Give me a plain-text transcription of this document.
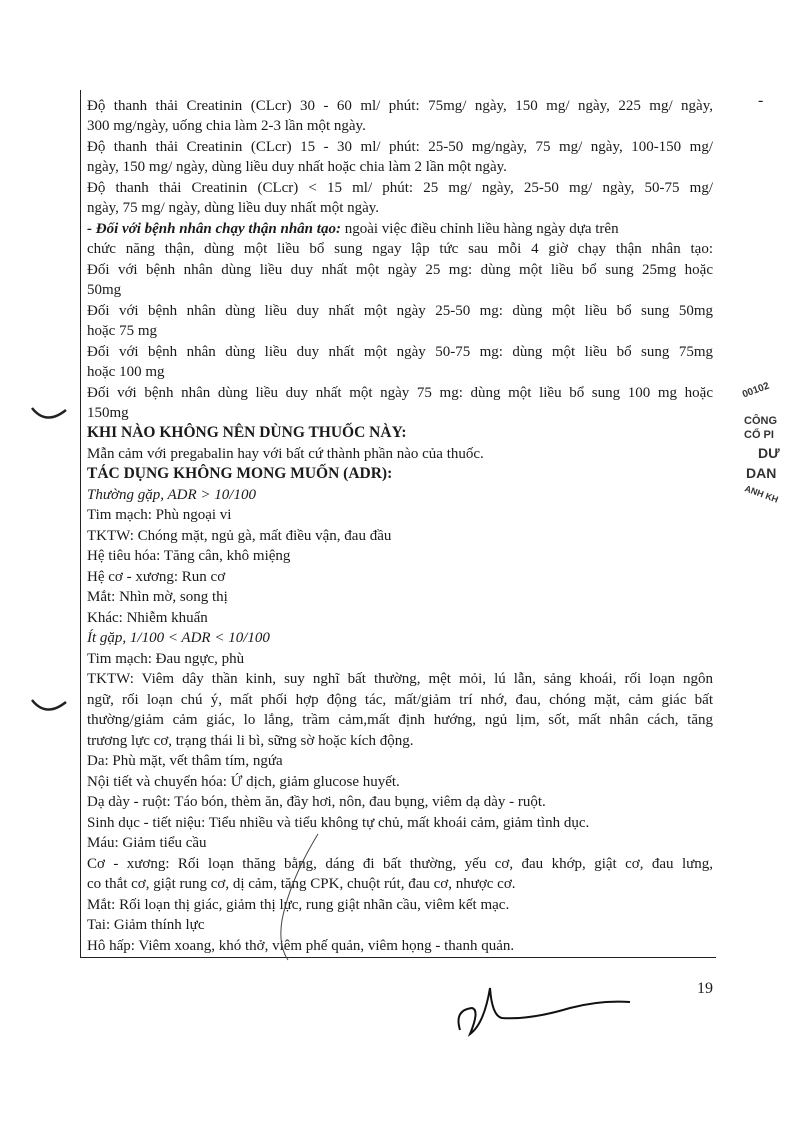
-
Độ thanh thải Creatinin (CLcr) 30 - 60 ml/ phút: 75mg/ ngày, 150 mg/ ngày, 225 mg/ ngày,
300 mg/ngày, uống chia làm 2-3 lần một ngày.
Độ thanh thải Creatinin (CLcr) 15 - 30 ml/ phút: 25-50 mg/ngày, 75 mg/ ngày, 100-150 mg/
ngày, 150 mg/ ngày, dùng liều duy nhất hoặc chia làm 2 lần một ngày.
Độ thanh thải Creatinin (CLcr) < 15 ml/ phút: 25 mg/ ngày, 25-50 mg/ ngày, 50-75 mg/
ngày, 75 mg/ ngày, dùng liều duy nhất một ngày.
- Đối với bệnh nhân chạy thận nhân tạo: ngoài việc điều chỉnh liều hàng ngày dựa trên
chức năng thận, dùng một liều bổ sung ngay lập tức sau mỗi 4 giờ chạy thận nhân tạo:
Đối với bệnh nhân dùng liều duy nhất một ngày 25 mg: dùng một liều bổ sung 25mg hoặc
50mg
Đối với bệnh nhân dùng liều duy nhất một ngày 25-50 mg: dùng một liều bổ sung 50mg
hoặc 75 mg
Đối với bệnh nhân dùng liều duy nhất một ngày 50-75 mg: dùng một liều bổ sung 75mg
hoặc 100 mg
Đối với bệnh nhân dùng liều duy nhất một ngày 75 mg: dùng một liều bổ sung 100 mg hoặc
150mg
KHI NÀO KHÔNG NÊN DÙNG THUỐC NÀY:
Mẫn cảm với pregabalin hay với bất cứ thành phần nào của thuốc.
TÁC DỤNG KHÔNG MONG MUỐN (ADR):
Thường gặp, ADR > 10/100
Tim mạch: Phù ngoại vi
TKTW: Chóng mặt, ngủ gà, mất điều vận, đau đầu
Hệ tiêu hóa: Tăng cân, khô miệng
Hệ cơ - xương: Run cơ
Mắt: Nhìn mờ, song thị
Khác: Nhiễm khuẩn
Ít gặp, 1/100 < ADR < 10/100
Tim mạch: Đau ngực, phù
TKTW: Viêm dây thần kinh, suy nghĩ bất thường, mệt mỏi, lú lẫn, sảng khoái, rối loạn ngôn
ngữ, rối loạn chú ý, mất phối hợp động tác, mất/giảm trí nhớ, đau, chóng mặt, cảm giác bất
thường/giảm cảm giác, lo lắng, trầm cảm,mất định hướng, ngủ lịm, sốt, mất nhân cách, tăng
trương lực cơ, trạng thái li bì, sững sờ hoặc kích động.
Da: Phù mặt, vết thâm tím, ngứa
Nội tiết và chuyển hóa: Ứ dịch, giảm glucose huyết.
Dạ dày - ruột: Táo bón, thèm ăn, đầy hơi, nôn, đau bụng, viêm dạ dày - ruột.
Sinh dục - tiết niệu: Tiểu nhiều và tiểu không tự chủ, mất khoái cảm, giảm tình dục.
Máu: Giảm tiểu cầu
Cơ - xương: Rối loạn thăng bằng, dáng đi bất thường, yếu cơ, đau khớp, giật cơ, đau lưng,
co thắt cơ, giật rung cơ, dị cảm, tăng CPK, chuột rút, đau cơ, nhược cơ.
Mắt: Rối loạn thị giác, giảm thị lực, rung giật nhãn cầu, viêm kết mạc.
Tai: Giảm thính lực
Hô hấp: Viêm xoang, khó thở, viêm phế quản, viêm họng - thanh quản.
19
00102
CÔNG
CỔ PI
DƯ
DAN
ANH KH
